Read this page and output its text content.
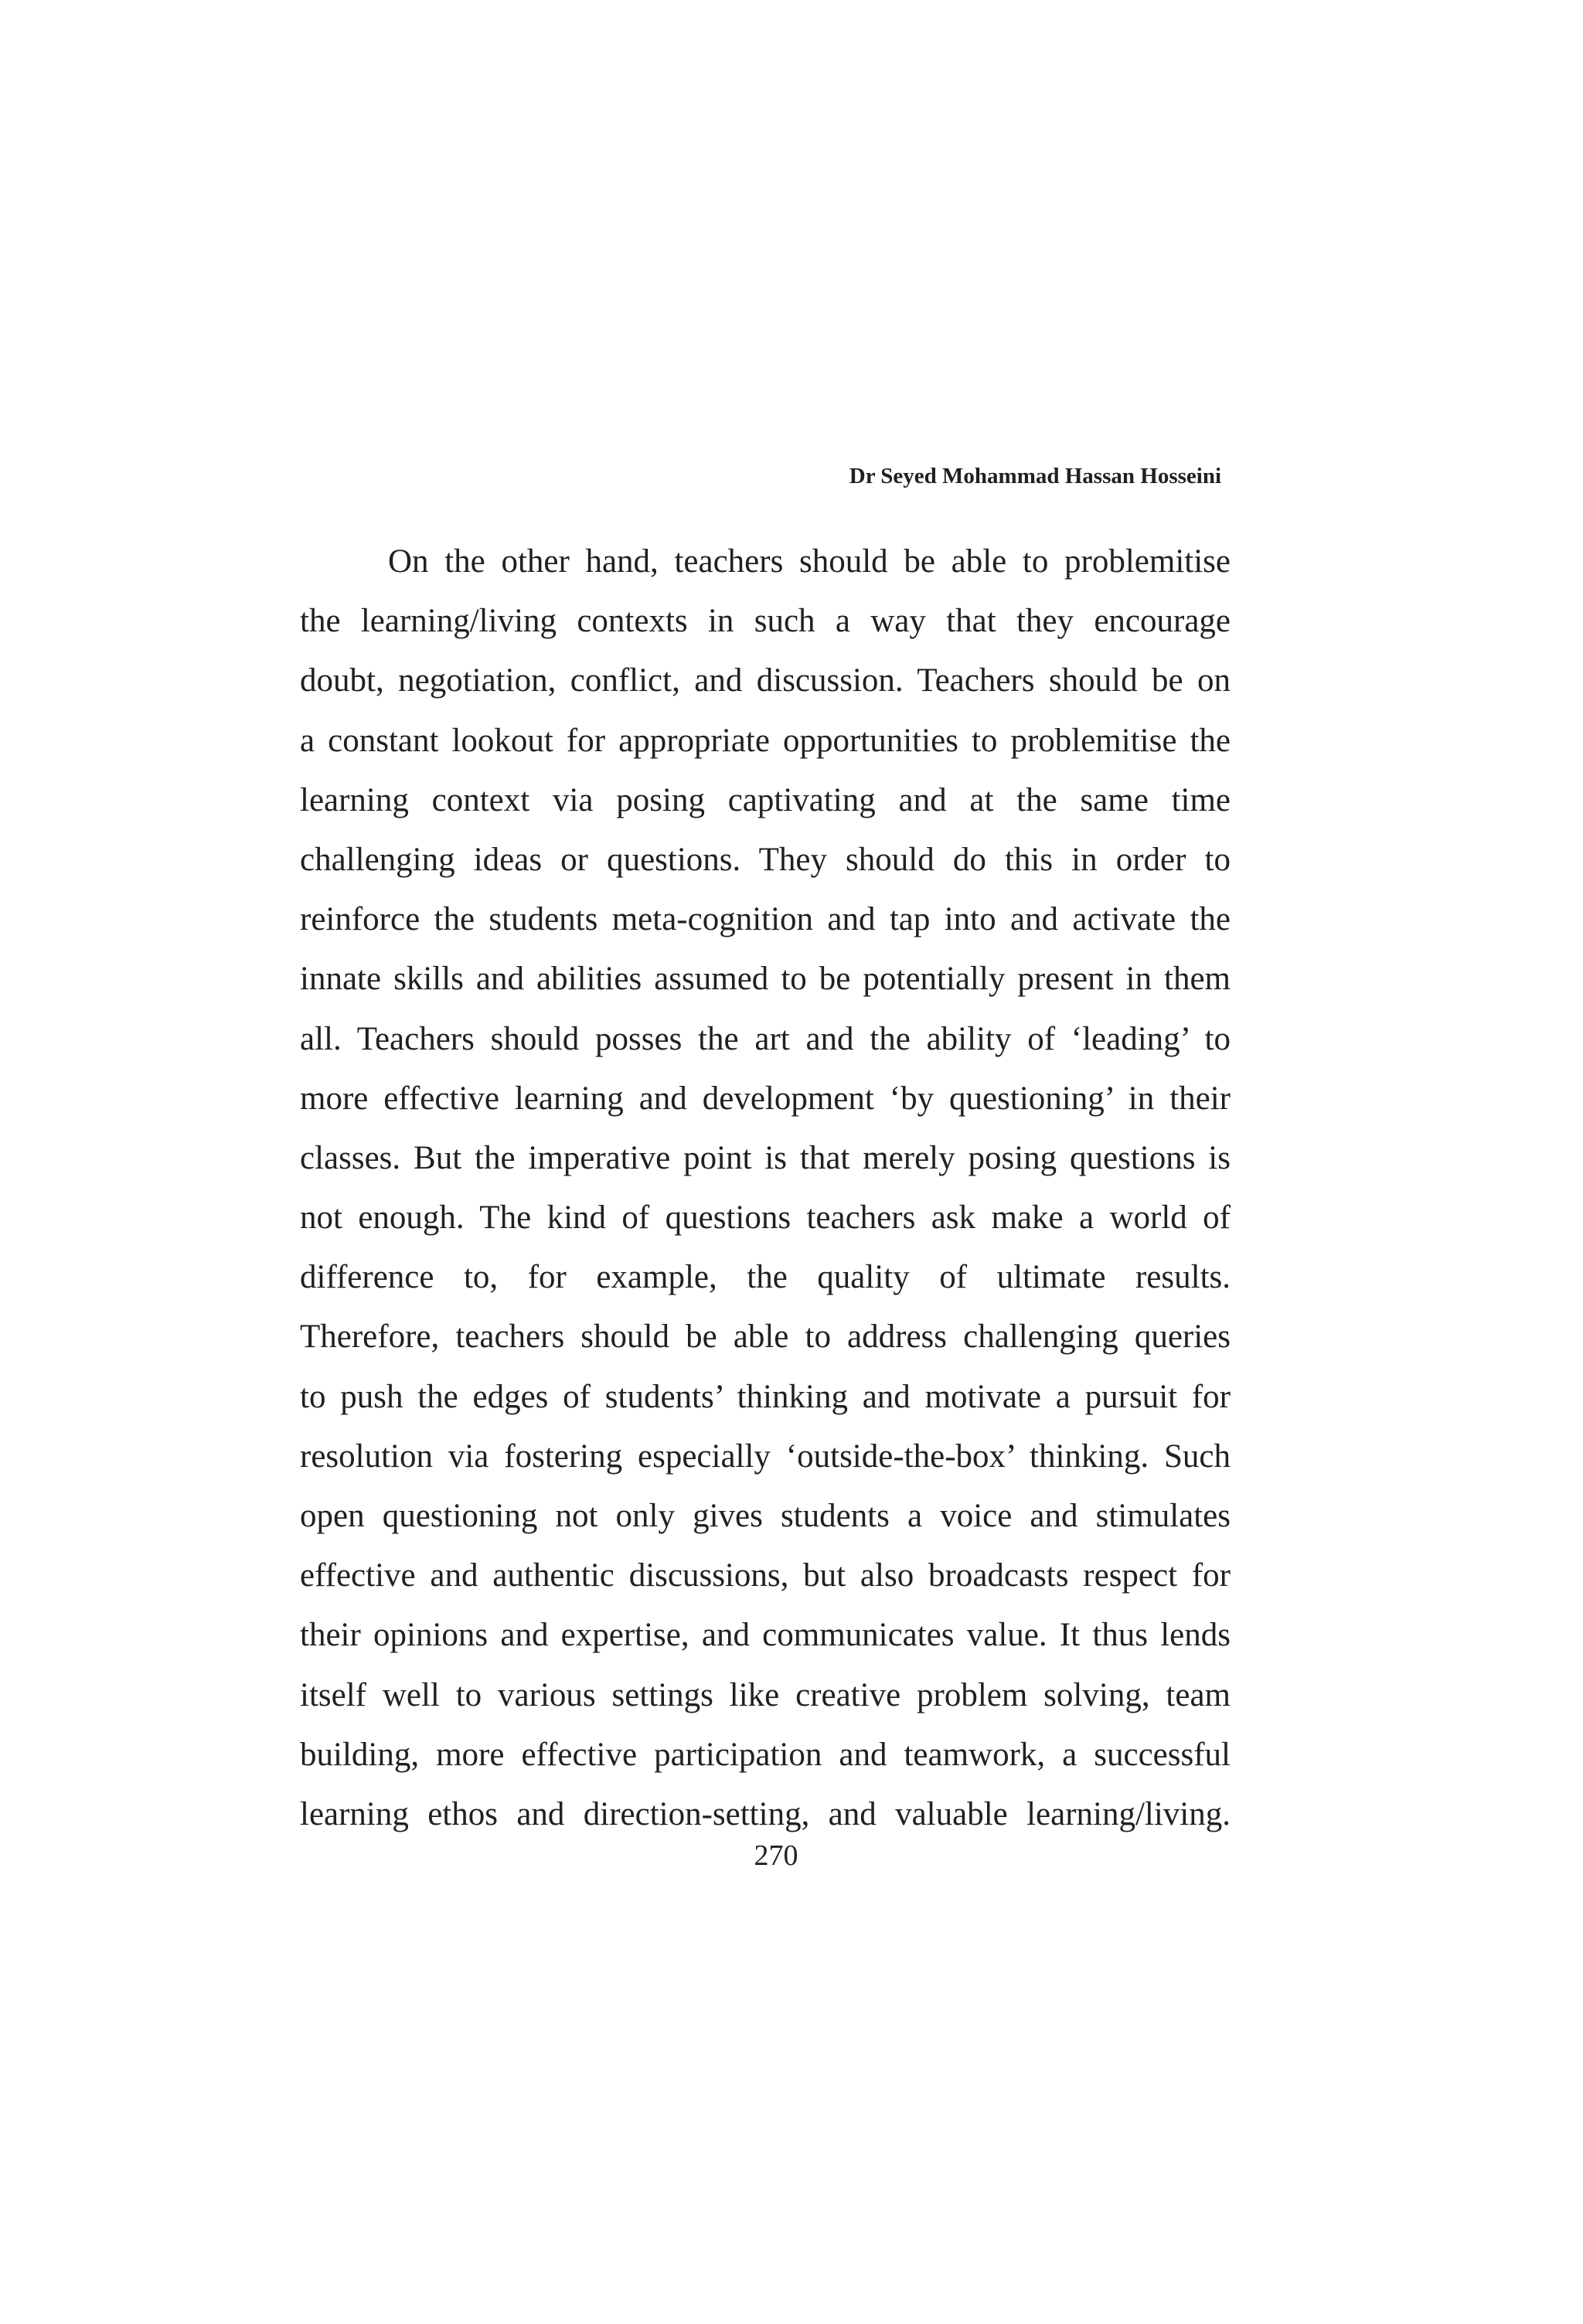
Dr Seyed Mohammad Hassan Hosseini
On the other hand, teachers should be able to problemitise
the learning/living contexts in such a way that they encourage
doubt, negotiation, conflict, and discussion. Teachers should be on
a constant lookout for appropriate opportunities to problemitise the
learning context via posing captivating and at the same time
challenging ideas or questions. They should do this in order to
reinforce the students meta-cognition and tap into and activate the
innate skills and abilities assumed to be potentially present in them
all. Teachers should posses the art and the ability of ‘leading’ to
more effective learning and development ‘by questioning’ in their
classes. But the imperative point is that merely posing questions is
not enough. The kind of questions teachers ask make a world of
difference to, for example, the quality of ultimate results.
Therefore, teachers should be able to address challenging queries
to push the edges of students’ thinking and motivate a pursuit for
resolution via fostering especially ‘outside-the-box’ thinking. Such
open questioning not only gives students a voice and stimulates
effective and authentic discussions, but also broadcasts respect for
their opinions and expertise, and communicates value. It thus lends
itself well to various settings like creative problem solving, team
building, more effective participation and teamwork, a successful
learning ethos and direction-setting, and valuable learning/living.
270
